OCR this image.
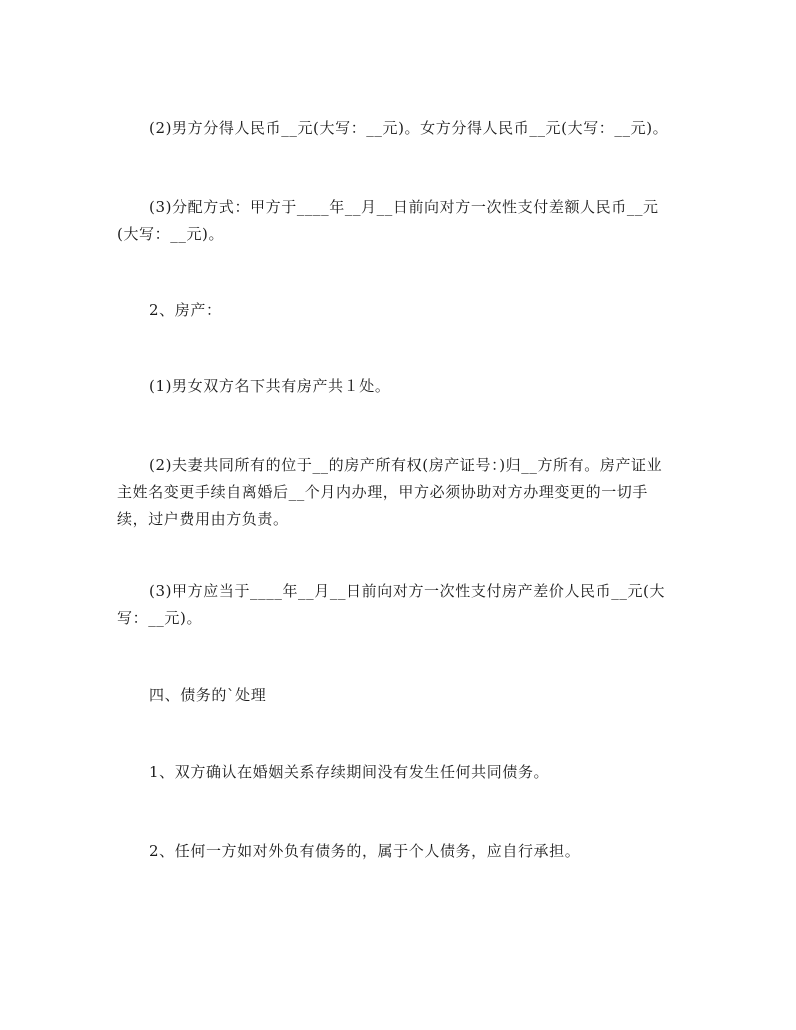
(2)男方分得人民币__元(大写：__元)。女方分得人民币__元(大写：__元)。

(3)分配方式：甲方于____年__月__日前向对方一次性支付差额人民币__元(大写：__元)。

2、房产：

(1)男女双方名下共有房产共１处。

(2)夫妻共同所有的位于__的房产所有权(房产证号：)归__方所有。房产证业主姓名变更手续自离婚后__个月内办理，甲方必须协助对方办理变更的一切手续，过户费用由方负责。

(3)甲方应当于____年__月__日前向对方一次性支付房产差价人民币__元(大写：__元)。

四、债务的`处理

1、双方确认在婚姻关系存续期间没有发生任何共同债务。

2、任何一方如对外负有债务的，属于个人债务，应自行承担。
